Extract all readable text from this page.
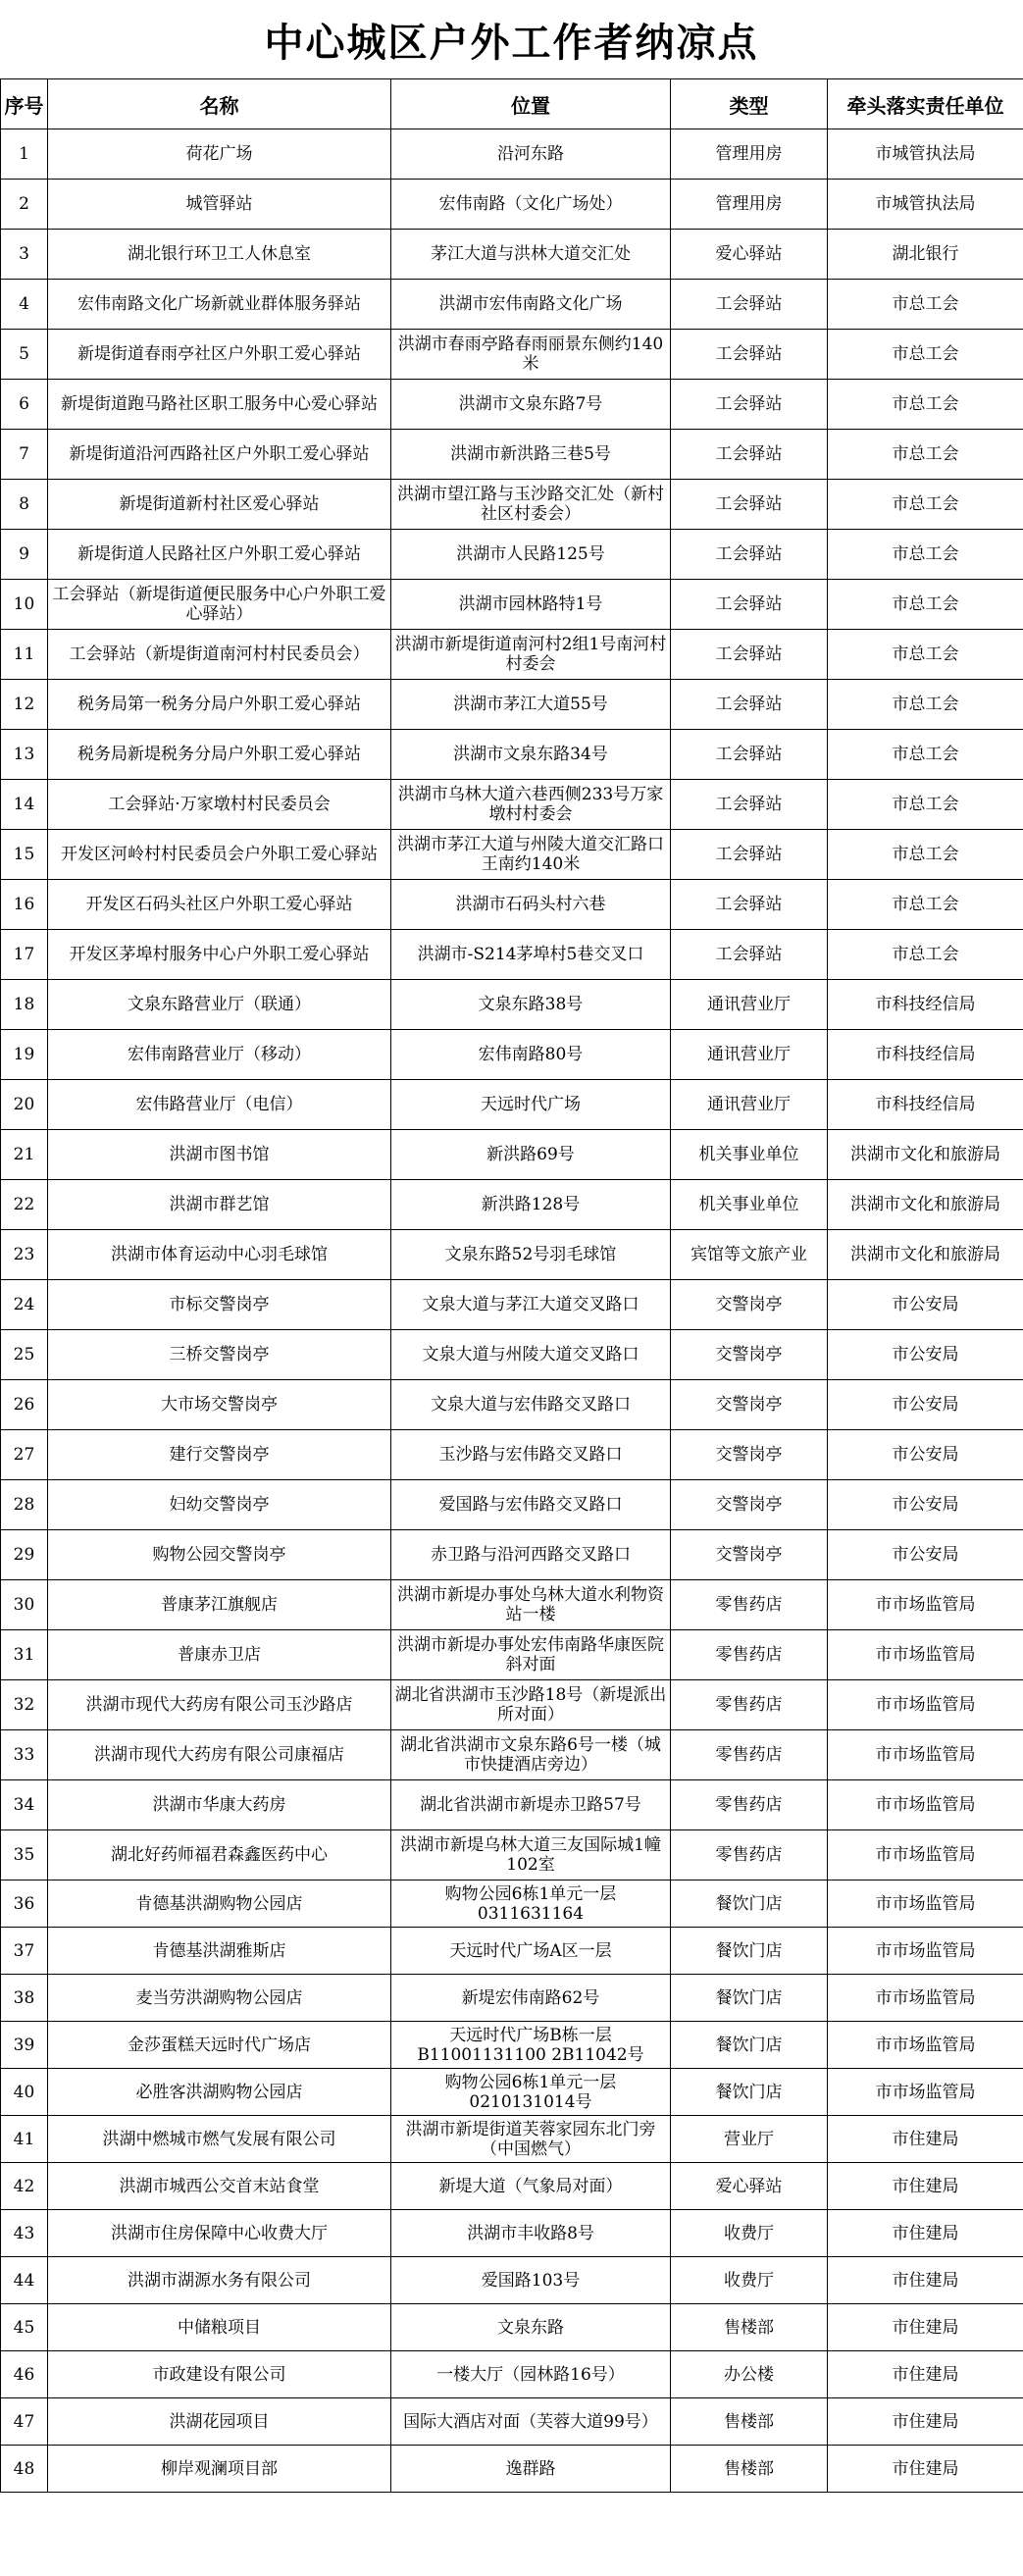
中心城区户外工作者纳凉点
序号	名称	位置	类型	牵头落实责任单位
1	荷花广场	沿河东路	管理用房	市城管执法局
2	城管驿站	宏伟南路（文化广场处）	管理用房	市城管执法局
3	湖北银行环卫工人休息室	茅江大道与洪林大道交汇处	爱心驿站	湖北银行
4	宏伟南路文化广场新就业群体服务驿站	洪湖市宏伟南路文化广场	工会驿站	市总工会
5	新堤街道春雨亭社区户外职工爱心驿站	洪湖市春雨亭路春雨丽景东侧约140米	工会驿站	市总工会
6	新堤街道跑马路社区职工服务中心爱心驿站	洪湖市文泉东路7号	工会驿站	市总工会
7	新堤街道沿河西路社区户外职工爱心驿站	洪湖市新洪路三巷5号	工会驿站	市总工会
8	新堤街道新村社区爱心驿站	洪湖市望江路与玉沙路交汇处（新村社区村委会）	工会驿站	市总工会
9	新堤街道人民路社区户外职工爱心驿站	洪湖市人民路125号	工会驿站	市总工会
10	工会驿站（新堤街道便民服务中心户外职工爱心驿站）	洪湖市园林路特1号	工会驿站	市总工会
11	工会驿站（新堤街道南河村村民委员会）	洪湖市新堤街道南河村2组1号南河村村委会	工会驿站	市总工会
12	税务局第一税务分局户外职工爱心驿站	洪湖市茅江大道55号	工会驿站	市总工会
13	税务局新堤税务分局户外职工爱心驿站	洪湖市文泉东路34号	工会驿站	市总工会
14	工会驿站·万家墩村村民委员会	洪湖市乌林大道六巷西侧233号万家墩村村委会	工会驿站	市总工会
15	开发区河岭村村民委员会户外职工爱心驿站	洪湖市茅江大道与州陵大道交汇路口王南约140米	工会驿站	市总工会
16	开发区石码头社区户外职工爱心驿站	洪湖市石码头村六巷	工会驿站	市总工会
17	开发区茅埠村服务中心户外职工爱心驿站	洪湖市-S214茅埠村5巷交叉口	工会驿站	市总工会
18	文泉东路营业厅（联通）	文泉东路38号	通讯营业厅	市科技经信局
19	宏伟南路营业厅（移动）	宏伟南路80号	通讯营业厅	市科技经信局
20	宏伟路营业厅（电信）	天远时代广场	通讯营业厅	市科技经信局
21	洪湖市图书馆	新洪路69号	机关事业单位	洪湖市文化和旅游局
22	洪湖市群艺馆	新洪路128号	机关事业单位	洪湖市文化和旅游局
23	洪湖市体育运动中心羽毛球馆	文泉东路52号羽毛球馆	宾馆等文旅产业	洪湖市文化和旅游局
24	市标交警岗亭	文泉大道与茅江大道交叉路口	交警岗亭	市公安局
25	三桥交警岗亭	文泉大道与州陵大道交叉路口	交警岗亭	市公安局
26	大市场交警岗亭	文泉大道与宏伟路交叉路口	交警岗亭	市公安局
27	建行交警岗亭	玉沙路与宏伟路交叉路口	交警岗亭	市公安局
28	妇幼交警岗亭	爱国路与宏伟路交叉路口	交警岗亭	市公安局
29	购物公园交警岗亭	赤卫路与沿河西路交叉路口	交警岗亭	市公安局
30	普康茅江旗舰店	洪湖市新堤办事处乌林大道水利物资站一楼	零售药店	市市场监管局
31	普康赤卫店	洪湖市新堤办事处宏伟南路华康医院斜对面	零售药店	市市场监管局
32	洪湖市现代大药房有限公司玉沙路店	湖北省洪湖市玉沙路18号（新堤派出所对面）	零售药店	市市场监管局
33	洪湖市现代大药房有限公司康福店	湖北省洪湖市文泉东路6号一楼（城市快捷酒店旁边）	零售药店	市市场监管局
34	洪湖市华康大药房	湖北省洪湖市新堤赤卫路57号	零售药店	市市场监管局
35	湖北好药师福君森鑫医药中心	洪湖市新堤乌林大道三友国际城1幢102室	零售药店	市市场监管局
36	肯德基洪湖购物公园店	购物公园6栋1单元一层0311631164	餐饮门店	市市场监管局
37	肯德基洪湖雅斯店	天远时代广场A区一层	餐饮门店	市市场监管局
38	麦当劳洪湖购物公园店	新堤宏伟南路62号	餐饮门店	市市场监管局
39	金莎蛋糕天远时代广场店	天远时代广场B栋一层B11001131100 2B11042号	餐饮门店	市市场监管局
40	必胜客洪湖购物公园店	购物公园6栋1单元一层0210131014号	餐饮门店	市市场监管局
41	洪湖中燃城市燃气发展有限公司	洪湖市新堤街道芙蓉家园东北门旁（中国燃气）	营业厅	市住建局
42	洪湖市城西公交首末站食堂	新堤大道（气象局对面）	爱心驿站	市住建局
43	洪湖市住房保障中心收费大厅	洪湖市丰收路8号	收费厅	市住建局
44	洪湖市湖源水务有限公司	爱国路103号	收费厅	市住建局
45	中储粮项目	文泉东路	售楼部	市住建局
46	市政建设有限公司	一楼大厅（园林路16号）	办公楼	市住建局
47	洪湖花园项目	国际大酒店对面（芙蓉大道99号）	售楼部	市住建局
48	柳岸观澜项目部	逸群路	售楼部	市住建局
